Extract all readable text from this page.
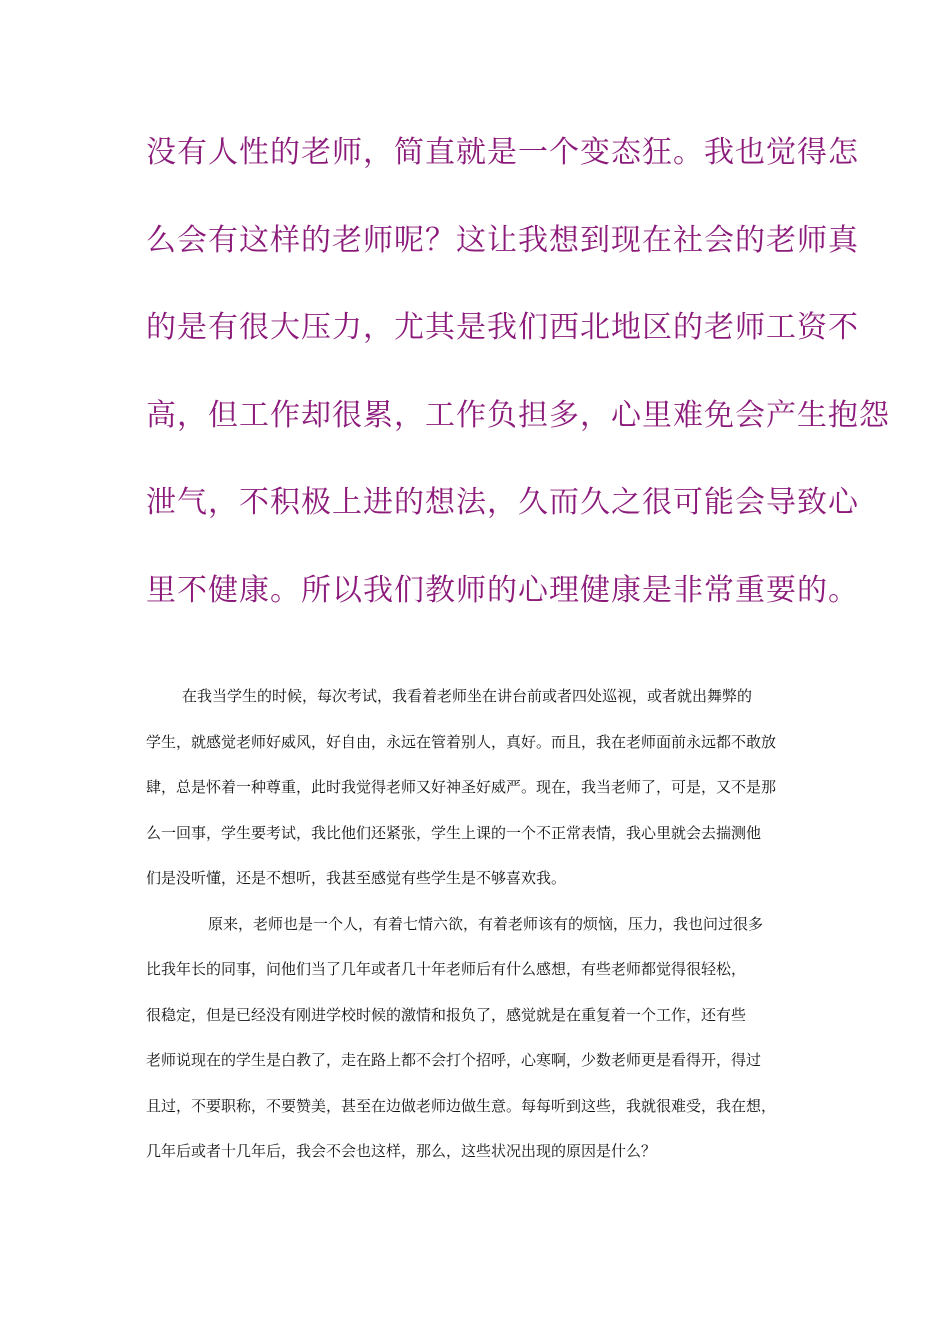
没有人性的老师，简直就是一个变态狂。我也觉得怎
么会有这样的老师呢？这让我想到现在社会的老师真
的是有很大压力，尤其是我们西北地区的老师工资不
高，但工作却很累，工作负担多，心里难免会产生抱怨
泄气，不积极上进的想法，久而久之很可能会导致心
里不健康。所以我们教师的心理健康是非常重要的。
在我当学生的时候，每次考试，我看着老师坐在讲台前或者四处巡视，或者就出舞弊的
学生，就感觉老师好威风，好自由，永远在管着别人，真好。而且，我在老师面前永远都不敢放
肆，总是怀着一种尊重，此时我觉得老师又好神圣好威严。现在，我当老师了，可是，又不是那
么一回事，学生要考试，我比他们还紧张，学生上课的一个不正常表情，我心里就会去揣测他
们是没听懂，还是不想听，我甚至感觉有些学生是不够喜欢我。
原来，老师也是一个人，有着七情六欲，有着老师该有的烦恼，压力，我也问过很多
比我年长的同事，问他们当了几年或者几十年老师后有什么感想，有些老师都觉得很轻松，
很稳定，但是已经没有刚进学校时候的激情和报负了，感觉就是在重复着一个工作，还有些
老师说现在的学生是白教了，走在路上都不会打个招呼，心寒啊，少数老师更是看得开，得过
且过，不要职称，不要赞美，甚至在边做老师边做生意。每每听到这些，我就很难受，我在想，
几年后或者十几年后，我会不会也这样，那么，这些状况出现的原因是什么？
